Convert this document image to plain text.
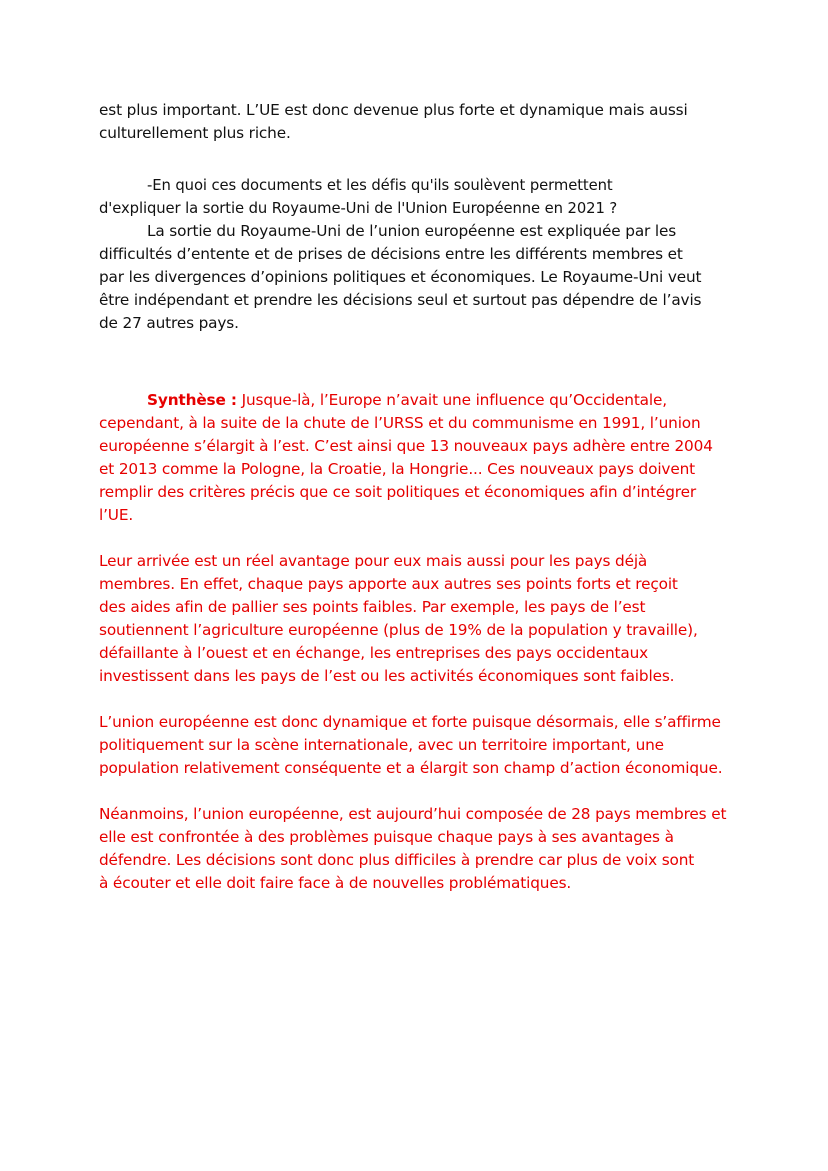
est plus important. L’UE est donc devenue plus forte et dynamique mais aussi
culturellement plus riche.
-En quoi ces documents et les défis qu'ils soulèvent permettent
d'expliquer la sortie du Royaume-Uni de l'Union Européenne en 2021 ?
La sortie du Royaume-Uni de l’union européenne est expliquée par les
difficultés d’entente et de prises de décisions entre les différents membres et
par les divergences d’opinions politiques et économiques. Le Royaume-Uni veut
être indépendant et prendre les décisions seul et surtout pas dépendre de l’avis
de 27 autres pays.
Synthèse : Jusque-là, l’Europe n’avait une influence qu’Occidentale,
cependant, à la suite de la chute de l’URSS et du communisme en 1991, l’union
européenne s’élargit à l’est. C’est ainsi que 13 nouveaux pays adhère entre 2004
et 2013 comme la Pologne, la Croatie, la Hongrie... Ces nouveaux pays doivent
remplir des critères précis que ce soit politiques et économiques afin d’intégrer
l’UE.
Leur arrivée est un réel avantage pour eux mais aussi pour les pays déjà
membres. En effet, chaque pays apporte aux autres ses points forts et reçoit
des aides afin de pallier ses points faibles. Par exemple, les pays de l’est
soutiennent l’agriculture européenne (plus de 19% de la population y travaille),
défaillante à l’ouest et en échange, les entreprises des pays occidentaux
investissent dans les pays de l’est ou les activités économiques sont faibles.
L’union européenne est donc dynamique et forte puisque désormais, elle s’affirme
politiquement sur la scène internationale, avec un territoire important, une
population relativement conséquente et a élargit son champ d’action économique.
Néanmoins, l’union européenne, est aujourd’hui composée de 28 pays membres et
elle est confrontée à des problèmes puisque chaque pays à ses avantages à
défendre. Les décisions sont donc plus difficiles à prendre car plus de voix sont
à écouter et elle doit faire face à de nouvelles problématiques.
